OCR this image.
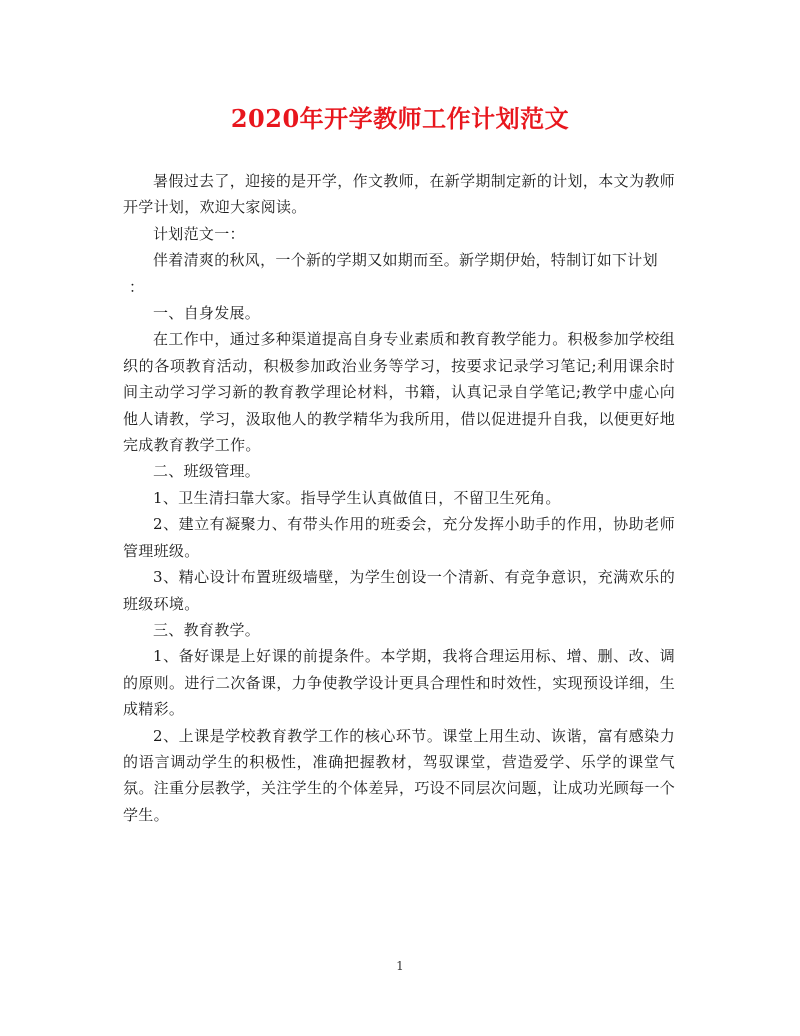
2020年开学教师工作计划范文

暑假过去了，迎接的是开学，作文教师，在新学期制定新的计划，本文为教师开学计划，欢迎大家阅读。

计划范文一：

伴着清爽的秋风，一个新的学期又如期而至。新学期伊始，特制订如下计划

：

一、自身发展。

在工作中，通过多种渠道提高自身专业素质和教育教学能力。积极参加学校组织的各项教育活动，积极参加政治业务等学习，按要求记录学习笔记;利用课余时间主动学习学习新的教育教学理论材料，书籍，认真记录自学笔记;教学中虚心向他人请教，学习，汲取他人的教学精华为我所用，借以促进提升自我，以便更好地完成教育教学工作。

二、班级管理。

1、卫生清扫靠大家。指导学生认真做值日，不留卫生死角。

2、建立有凝聚力、有带头作用的班委会，充分发挥小助手的作用，协助老师管理班级。

3、精心设计布置班级墙壁，为学生创设一个清新、有竞争意识，充满欢乐的班级环境。

三、教育教学。

1、备好课是上好课的前提条件。本学期，我将合理运用标、增、删、改、调的原则。进行二次备课，力争使教学设计更具合理性和时效性，实现预设详细，生成精彩。

2、上课是学校教育教学工作的核心环节。课堂上用生动、诙谐，富有感染力的语言调动学生的积极性，准确把握教材，驾驭课堂，营造爱学、乐学的课堂气氛。注重分层教学，关注学生的个体差异，巧设不同层次问题，让成功光顾每一个学生。

1
